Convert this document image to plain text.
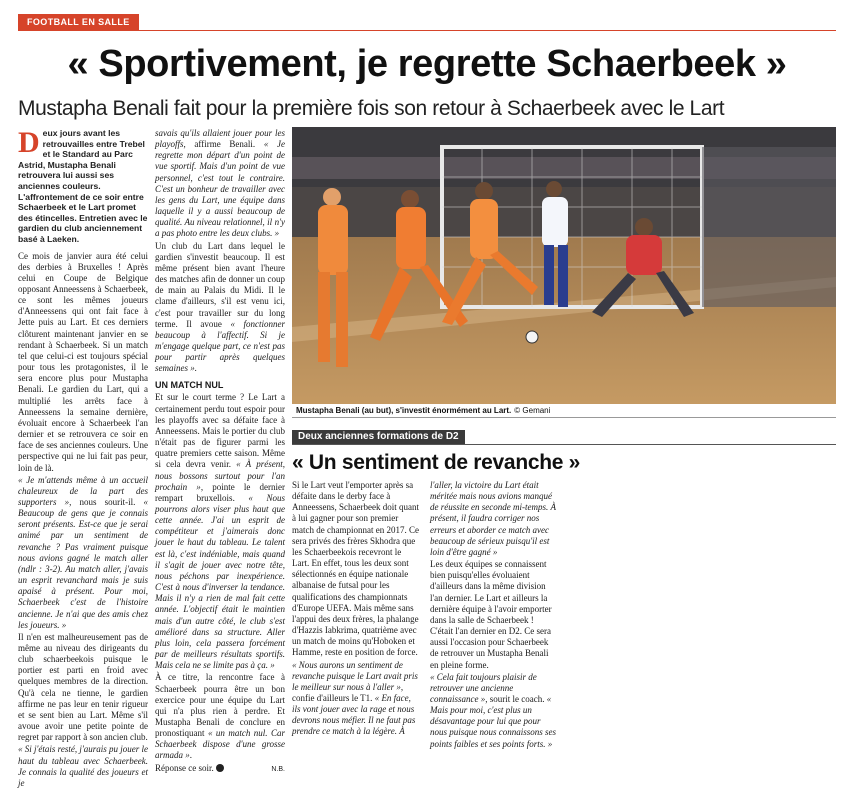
FOOTBALL EN SALLE
« Sportivement, je regrette Schaerbeek »
Mustapha Benali fait pour la première fois son retour à Schaerbeek avec le Lart
Deux jours avant les retrouvailles entre Trebel et le Standard au Parc Astrid, Mustapha Benali retrouvera lui aussi ses anciennes couleurs. L'affrontement de ce soir entre Schaerbeek et le Lart promet des étincelles. Entretien avec le gardien du club anciennement basé à Laeken.

Ce mois de janvier aura été celui des derbies à Bruxelles ! Après celui en Coupe de Belgique opposant Anneessens à Schaerbeek, ce sont les mêmes joueurs d'Anneessens qui ont fait face à Jette puis au Lart. Et ces derniers clôturent maintenant janvier en se rendant à Schaerbeek. Si un match tel que celui-ci est toujours spécial pour tous les protagonistes, il le sera encore plus pour Mustapha Benali. Le gardien du Lart, qui a multiplié les arrêts face à Anneessens la semaine dernière, évoluait encore à Schaerbeek l'an dernier et se retrouvera ce soir en face de ses anciennes couleurs. Une perspective qui ne lui fait pas peur, loin de là.

« Je m'attends même à un accueil chaleureux de la part des supporters », nous sourit-il. « Beaucoup de gens que je connais seront présents. Est-ce que je serai animé par un sentiment de revanche ? Pas vraiment puisque nous avions gagné le match aller (ndlr : 3-2). Au match aller, j'avais un esprit revanchard mais je suis apaisé à présent. Pour moi, Schaerbeek c'est de l'histoire ancienne. Je n'ai que des amis chez les joueurs. »

Il n'en est malheureusement pas de même au niveau des dirigeants du club schaerbeekois puisque le portier est parti en froid avec quelques membres de la direction. Qu'à cela ne tienne, le gardien affirme ne pas leur en tenir rigueur et se sent bien au Lart. Même s'il avoue avoir une petite pointe de regret par rapport à son ancien club.

« Si j'étais resté, j'aurais pu jouer le haut du tableau avec Schaerbeek. Je connais la qualité des joueurs et je

savais qu'ils allaient jouer pour les playoffs, affirme Benali. « Je regrette mon départ d'un point de vue sportif. Mais d'un point de vue personnel, c'est tout le contraire. C'est un bonheur de travailler avec les gens du Lart, une équipe dans laquelle il y a aussi beaucoup de qualité. Au niveau relationnel, il n'y a pas photo entre les deux clubs. »

Un club du Lart dans lequel le gardien s'investit beaucoup. Il est même présent bien avant l'heure des matches afin de donner un coup de main au Palais du Midi. Il le clame d'ailleurs, s'il est venu ici, c'est pour travailler sur du long terme. Il avoue « fonctionner beaucoup à l'affectif. Si je m'engage quelque part, ce n'est pas pour partir après quelques semaines ».

UN MATCH NUL

Et sur le court terme ? Le Lart a certainement perdu tout espoir pour les playoffs avec sa défaite face à Anneessens. Mais le portier du club n'était pas de figurer parmi les quatre premiers cette saison. Même si cela devra venir. « À présent, nous bossons surtout pour l'an prochain », pointe le dernier rempart bruxellois. « Nous pourrons alors viser plus haut que cette année. J'ai un esprit de compétiteur et j'aimerais donc jouer le haut du tableau. Le talent est là, c'est indéniable, mais quand il s'agit de jouer avec notre tête, nous péchons par inexpérience. C'est à nous d'inverser la tendance. Mais il n'y a rien de mal fait cette année. L'objectif était le maintien mais d'un autre côté, le club s'est amélioré dans sa structure. Aller plus loin, cela passera forcément par de meilleurs résultats sportifs. Mais cela ne se limite pas à ça. »

À ce titre, la rencontre face à Schaerbeek pourra être un bon exercice pour une équipe du Lart qui n'a plus rien à perdre. Et Mustapha Benali de conclure en pronostiquant « un match nul. Car Schaerbeek dispose d'une grosse armada ».

Réponse ce soir.	N.B.

Mustapha Benali (au but), s'investit énormément au Lart. © Gemani
Deux anciennes formations de D2
« Un sentiment de revanche »

Si le Lart veut l'emporter après sa défaite dans le derby face à Anneessens, Schaerbeek doit quant à lui gagner pour son premier match de championnat en 2017. Ce sera privés des frères Skhodra que les Schaerbeekois recevront le Lart. En effet, tous les deux sont sélectionnés en équipe nationale albanaise de futsal pour les qualifications des championnats d'Europe UEFA. Mais même sans l'appui des deux frères, la phalange d'Hazzis Iabkrima, quatrième avec un match de moins qu'Hoboken et Hamme, reste en position de force.

« Nous aurons un sentiment de revanche puisque le Lart avait pris le meilleur sur nous à l'aller », confie d'ailleurs le T1. « En face, ils vont jouer avec la rage et nous devrons nous méfier. Il ne faut pas prendre ce match à la légère. À

l'aller, la victoire du Lart était méritée mais nous avions manqué de réussite en seconde mi-temps. À présent, il faudra corriger nos erreurs et aborder ce match avec beaucoup de sérieux puisqu'il est loin d'être gagné »

Les deux équipes se connaissent bien puisqu'elles évoluaient d'ailleurs dans la même division l'an dernier. Le Lart et ailleurs la dernière équipe à l'avoir emporter dans la salle de Schaerbeek ! C'était l'an dernier en D2. Ce sera aussi l'occasion pour Schaerbeek de retrouver un Mustapha Benali en pleine forme.

« Cela fait toujours plaisir de retrouver une ancienne connaissance », sourit le coach. « Mais pour moi, c'est plus un désavantage pour lui que pour nous puisque nous connaissons ses points faibles et ses points forts. »
